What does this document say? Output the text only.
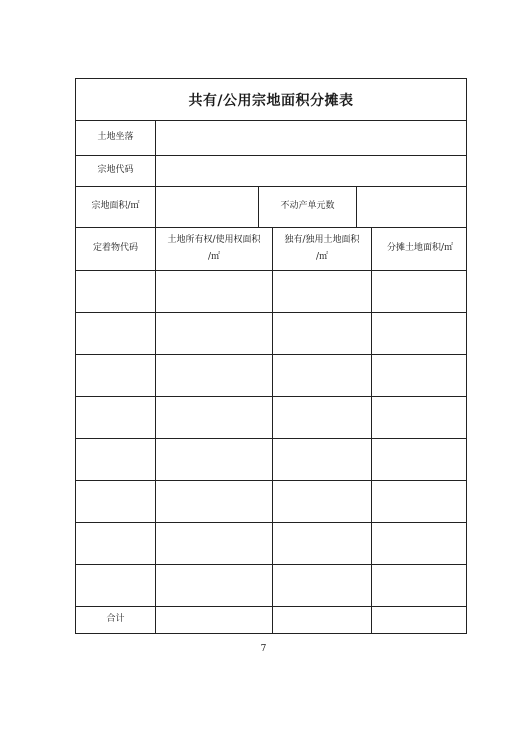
共有/公用宗地面积分摊表
土地坐落
宗地代码
宗地面积/㎡	不动产单元数
定着物代码
土地所有权/使用权面积
/㎡
独有/独用土地面积
/㎡
分摊土地面积/㎡
合计
7
